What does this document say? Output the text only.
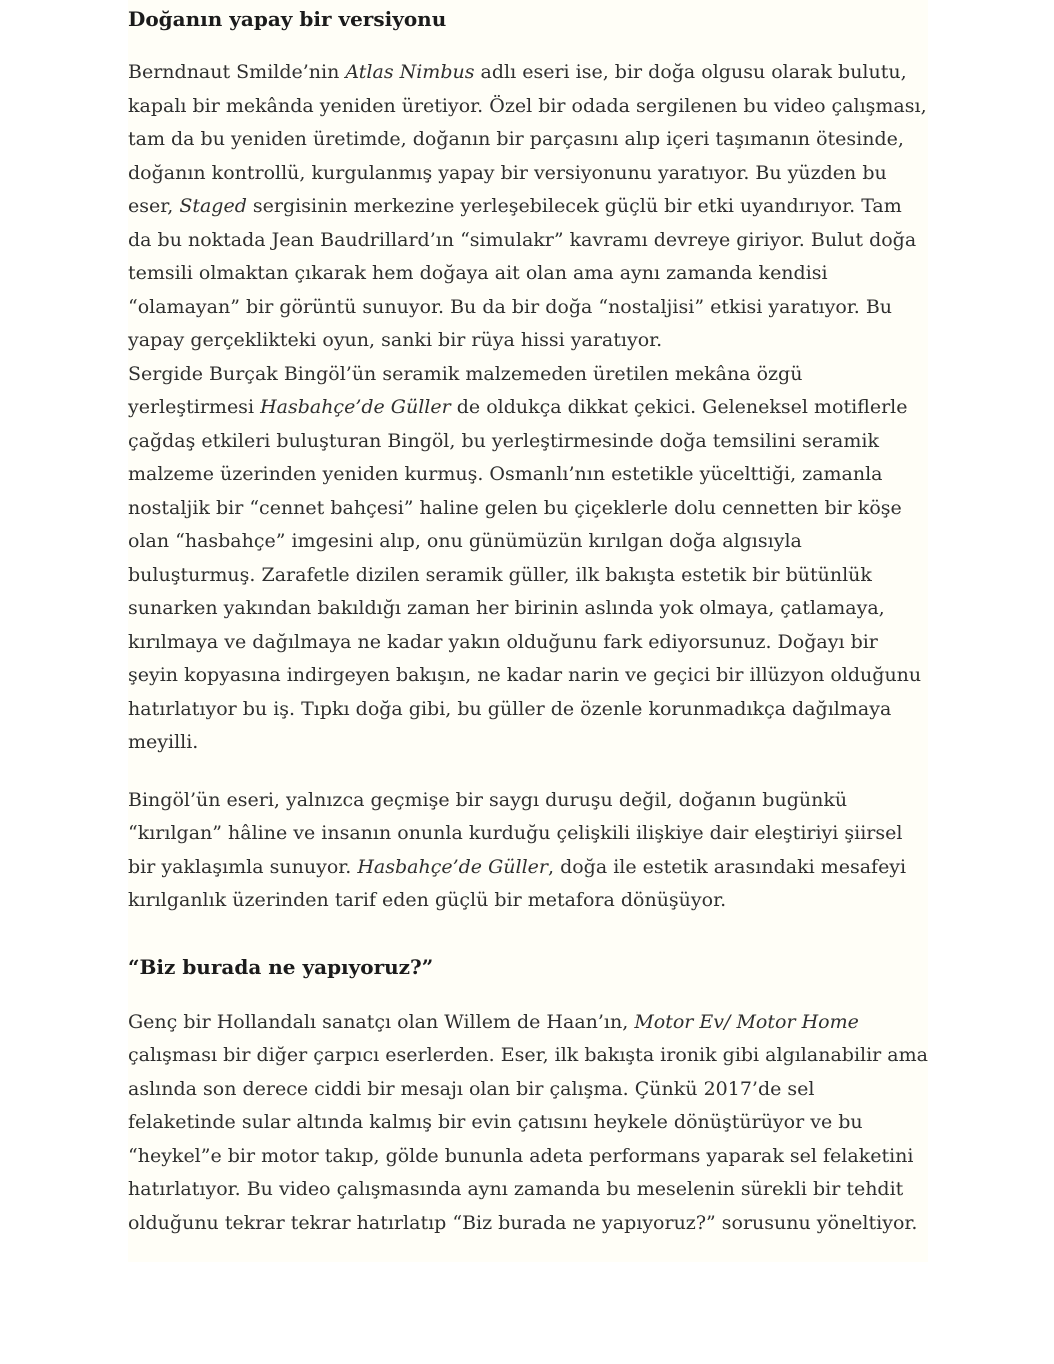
Doğanın yapay bir versiyonu

Berndnaut Smilde’nin Atlas Nimbus adlı eseri ise, bir doğa olgusu olarak bulutu, kapalı bir mekânda yeniden üretiyor. Özel bir odada sergilenen bu video çalışması, tam da bu yeniden üretimde, doğanın bir parçasını alıp içeri taşımanın ötesinde, doğanın kontrollü, kurgulanmış yapay bir versiyonunu yaratıyor. Bu yüzden bu eser, Staged sergisinin merkezine yerleşebilecek güçlü bir etki uyandırıyor. Tam da bu noktada Jean Baudrillard’ın “simulakr” kavramı devreye giriyor. Bulut doğa temsili olmaktan çıkarak hem doğaya ait olan ama aynı zamanda kendisi “olamayan” bir görüntü sunuyor. Bu da bir doğa “nostaljisi” etkisi yaratıyor. Bu yapay gerçeklikteki oyun, sanki bir rüya hissi yaratıyor.

Sergide Burçak Bingöl’ün seramik malzemeden üretilen mekâna özgü yerleştirmesi Hasbahçe’de Güller de oldukça dikkat çekici. Geleneksel motiflerle çağdaş etkileri buluşturan Bingöl, bu yerleştirmesinde doğa temsilini seramik malzeme üzerinden yeniden kurmuş. Osmanlı’nın estetikle yücelttiği, zamanla nostaljik bir “cennet bahçesi” haline gelen bu çiçeklerle dolu cennetten bir köşe olan “hasbahçe” imgesini alıp, onu günümüzün kırılgan doğa algısıyla buluşturmuş. Zarafetle dizilen seramik güller, ilk bakışta estetik bir bütünlük sunarken yakından bakıldığı zaman her birinin aslında yok olmaya, çatlamaya, kırılmaya ve dağılmaya ne kadar yakın olduğunu fark ediyorsunuz. Doğayı bir şeyin kopyasına indirgeyen bakışın, ne kadar narin ve geçici bir illüzyon olduğunu hatırlatıyor bu iş. Tıpkı doğa gibi, bu güller de özenle korunmadıkça dağılmaya meyilli.

Bingöl’ün eseri, yalnızca geçmişe bir saygı duruşu değil, doğanın bugünkü “kırılgan” hâline ve insanın onunla kurduğu çelişkili ilişkiye dair eleştiriyi şiirsel bir yaklaşımla sunuyor. Hasbahçe’de Güller, doğa ile estetik arasındaki mesafeyi kırılganlık üzerinden tarif eden güçlü bir metafora dönüşüyor.

“Biz burada ne yapıyoruz?”

Genç bir Hollandalı sanatçı olan Willem de Haan’ın, Motor Ev/ Motor Home çalışması bir diğer çarpıcı eserlerden. Eser, ilk bakışta ironik gibi algılanabilir ama aslında son derece ciddi bir mesajı olan bir çalışma. Çünkü 2017’de sel felaketinde sular altında kalmış bir evin çatısını heykele dönüştürüyor ve bu “heykel”e bir motor takıp, gölde bununla adeta performans yaparak sel felaketini hatırlatıyor. Bu video çalışmasında aynı zamanda bu meselenin sürekli bir tehdit olduğunu tekrar tekrar hatırlatıp “Biz burada ne yapıyoruz?” sorusunu yöneltiyor.
